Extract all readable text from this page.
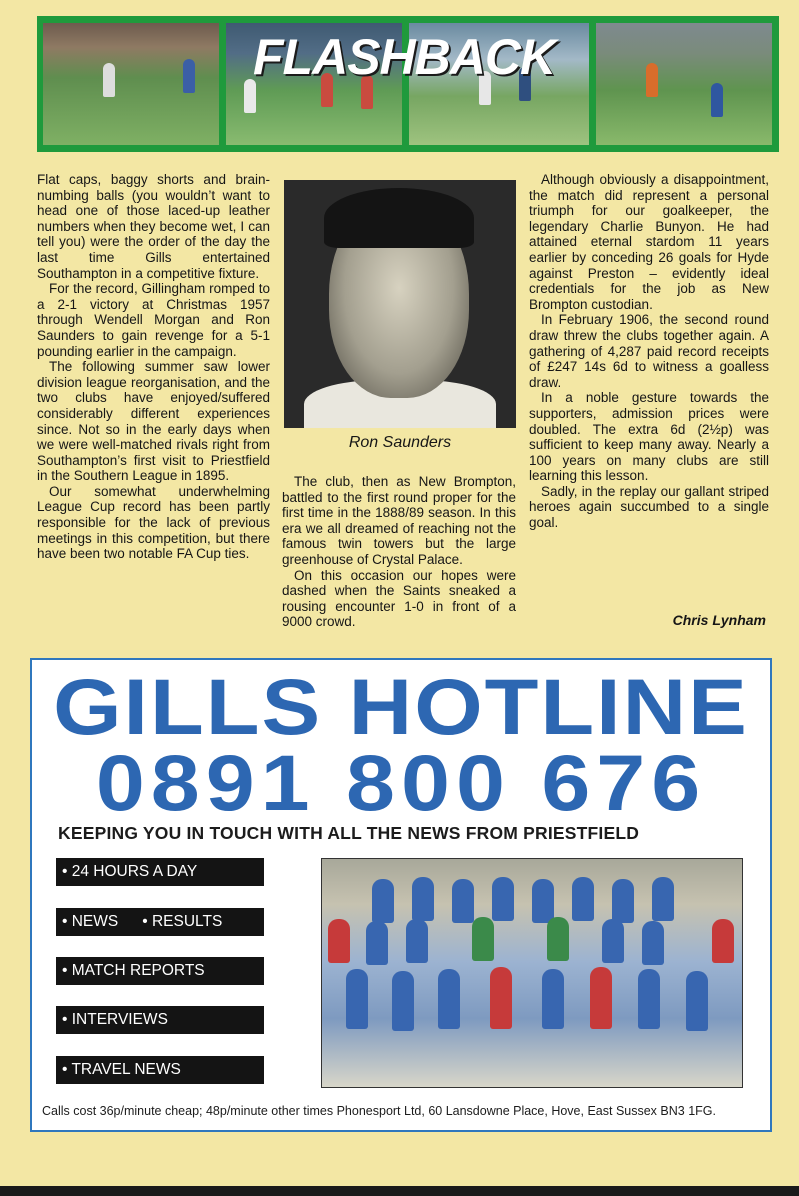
FLASHBACK

Flat caps, baggy shorts and brain-numbing balls (you wouldn’t want to head one of those laced-up leather numbers when they become wet, I can tell you) were the order of the day the last time Gills entertained Southampton in a competitive fixture.

For the record, Gillingham romped to a 2-1 victory at Christmas 1957 through Wendell Morgan and Ron Saunders to gain revenge for a 5-1 pounding earlier in the campaign.

The following summer saw lower division league reorganisation, and the two clubs have enjoyed/suffered considerably different experiences since. Not so in the early days when we were well-matched rivals right from Southampton’s first visit to Priestfield in the Southern League in 1895.

Our somewhat underwhelming League Cup record has been partly responsible for the lack of previous meetings in this competition, but there have been two notable FA Cup ties.

Ron Saunders

The club, then as New Brompton, battled to the first round proper for the first time in the 1888/89 season. In this era we all dreamed of reaching not the famous twin towers but the large greenhouse of Crystal Palace.

On this occasion our hopes were dashed when the Saints sneaked a rousing encounter 1-0 in front of a 9000 crowd.

Although obviously a disappointment, the match did represent a personal triumph for our goalkeeper, the legendary Charlie Bunyon. He had attained eternal stardom 11 years earlier by conceding 26 goals for Hyde against Preston – evidently ideal credentials for the job as New Brompton custodian.

In February 1906, the second round draw threw the clubs together again. A gathering of 4,287 paid record receipts of £247 14s 6d to witness a goalless draw.

In a noble gesture towards the supporters, admission prices were doubled. The extra 6d (2½p) was sufficient to keep many away. Nearly a 100 years on many clubs are still learning this lesson.

Sadly, in the replay our gallant striped heroes again succumbed to a single goal.

Chris Lynham
GILLS HOTLINE
0891 800 676
KEEPING YOU IN TOUCH WITH ALL THE NEWS FROM PRIESTFIELD
• 24 HOURS A DAY
• NEWS • RESULTS
• MATCH REPORTS
• INTERVIEWS
• TRAVEL NEWS
Calls cost 36p/minute cheap; 48p/minute other times Phonesport Ltd, 60 Lansdowne Place, Hove, East Sussex BN3 1FG.
